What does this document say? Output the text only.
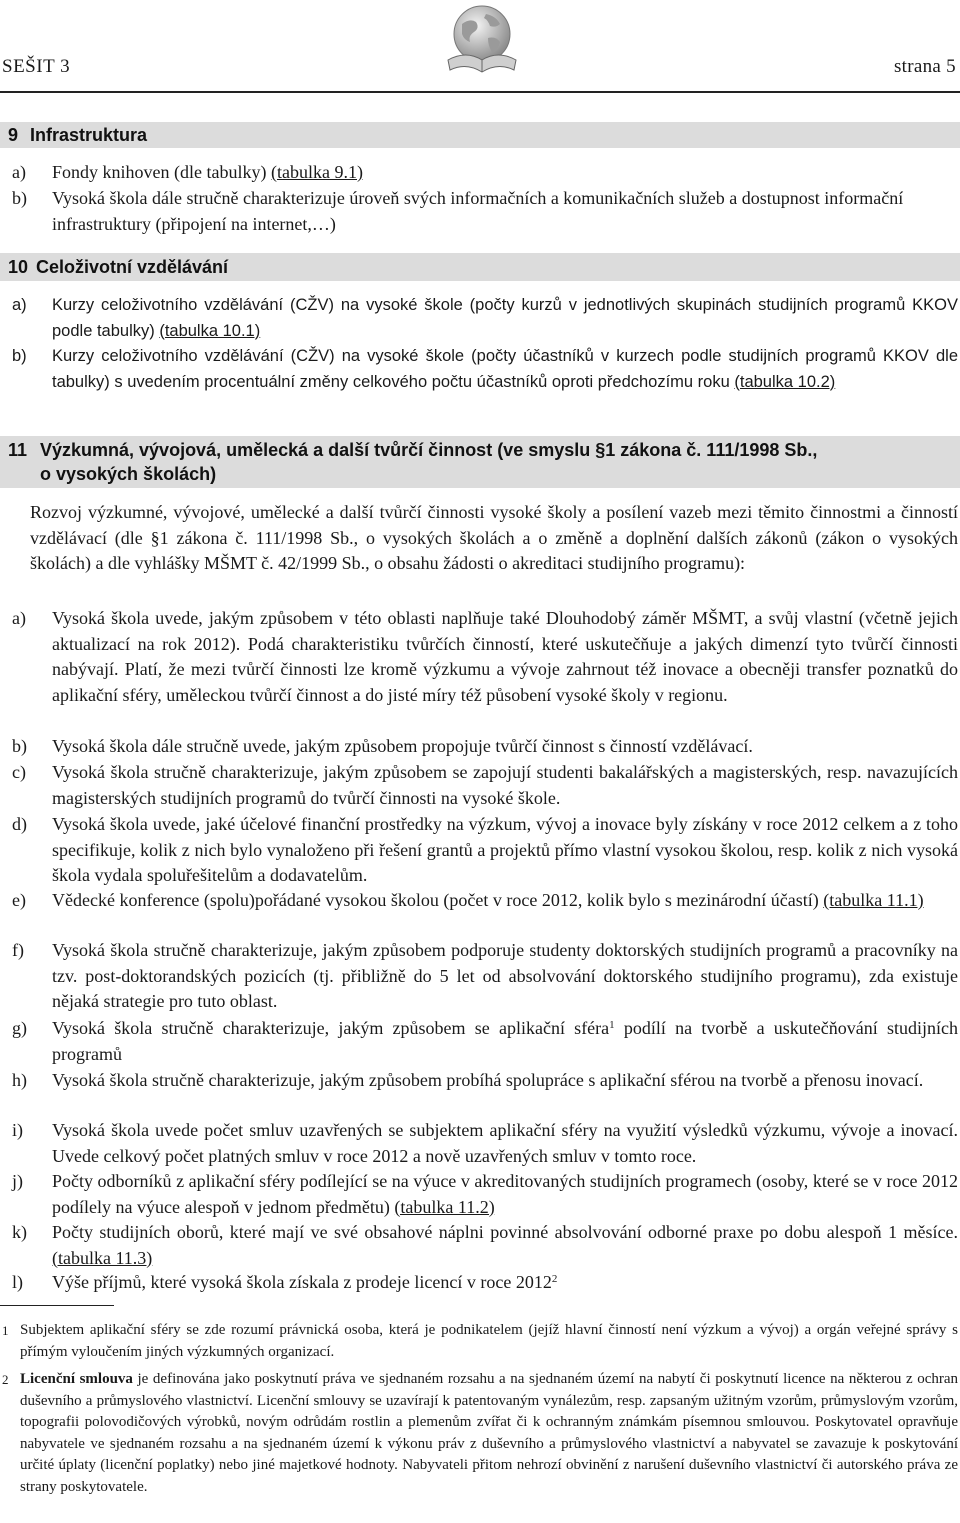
SEŠIT 3	strana 5
9 Infrastruktura
a)	Fondy knihoven (dle tabulky) (tabulka 9.1)
b)	Vysoká škola dále stručně charakterizuje úroveň svých informačních a komunikačních služeb a dostupnost informační infrastruktury (připojení na internet,…)
10 Celoživotní vzdělávání
a)	Kurzy celoživotního vzdělávání (CŽV) na vysoké škole (počty kurzů v jednotlivých skupinách studijních programů KKOV podle tabulky) (tabulka 10.1)
b)	Kurzy celoživotního vzdělávání (CŽV) na vysoké škole (počty účastníků v kurzech podle studijních programů KKOV dle tabulky) s uvedením procentuální změny celkového počtu účastníků oproti předchozímu roku (tabulka 10.2)
11 Výzkumná, vývojová, umělecká a další tvůrčí činnost (ve smyslu §1 zákona č. 111/1998 Sb.,
o vysokých školách)
Rozvoj výzkumné, vývojové, umělecké a další tvůrčí činnosti vysoké školy a posílení vazeb mezi těmito činnostmi a činností vzdělávací (dle §1 zákona č. 111/1998 Sb., o vysokých školách a o změně a doplnění dalších zákonů (zákon o vysokých školách) a dle vyhlášky MŠMT č. 42/1999 Sb., o obsahu žádosti o akreditaci studijního programu):
a)	Vysoká škola uvede, jakým způsobem v této oblasti naplňuje také Dlouhodobý záměr MŠMT, a svůj vlastní (včetně jejich aktualizací na rok 2012). Podá charakteristiku tvůrčích činností, které uskutečňuje a jakých dimenzí tyto tvůrčí činnosti nabývají. Platí, že mezi tvůrčí činnosti lze kromě výzkumu a vývoje zahrnout též inovace a obecněji transfer poznatků do aplikační sféry, uměleckou tvůrčí činnost a do jisté míry též působení vysoké školy v regionu.
b)	Vysoká škola dále stručně uvede, jakým způsobem propojuje tvůrčí činnost s činností vzdělávací.
c)	Vysoká škola stručně charakterizuje, jakým způsobem se zapojují studenti bakalářských a magisterských, resp. navazujících magisterských studijních programů do tvůrčí činnosti na vysoké škole.
d)	Vysoká škola uvede, jaké účelové finanční prostředky na výzkum, vývoj a inovace byly získány v roce 2012 celkem a z toho specifikuje, kolik z nich bylo vynaloženo při řešení grantů a projektů přímo vlastní vysokou školou, resp. kolik z nich vysoká škola vydala spoluřešitelům a dodavatelům.
e)	Vědecké konference (spolu)pořádané vysokou školou (počet v roce 2012, kolik bylo s mezinárodní účastí) (tabulka 11.1)
f)	Vysoká škola stručně charakterizuje, jakým způsobem podporuje studenty doktorských studijních programů a pracovníky na tzv. post-doktorandských pozicích (tj. přibližně do 5 let od absolvování doktorského studijního programu), zda existuje nějaká strategie pro tuto oblast.
g)	Vysoká škola stručně charakterizuje, jakým způsobem se aplikační sféra$^1$ podílí na tvorbě a uskutečňování studijních programů
h)	Vysoká škola stručně charakterizuje, jakým způsobem probíhá spolupráce s aplikační sférou na tvorbě a přenosu inovací.
i)	Vysoká škola uvede počet smluv uzavřených se subjektem aplikační sféry na využití výsledků výzkumu, vývoje a inovací. Uvede celkový počet platných smluv v roce 2012 a nově uzavřených smluv v tomto roce.
j)	Počty odborníků z aplikační sféry podílející se na výuce v akreditovaných studijních programech (osoby, které se v roce 2012 podílely na výuce alespoň v jednom předmětu) (tabulka 11.2)
k)	Počty studijních oborů, které mají ve své obsahové náplni povinné absolvování odborné praxe po dobu alespoň 1 měsíce. (tabulka 11.3)
l)	Výše příjmů, které vysoká škola získala z prodeje licencí v roce 2012$^2$
1 Subjektem aplikační sféry se zde rozumí právnická osoba, která je podnikatelem (jejíž hlavní činností není výzkum a vývoj) a orgán veřejné správy s přímým vyloučením jiných výzkumných organizací.
2 Licenční smlouva je definována jako poskytnutí práva ve sjednaném rozsahu a na sjednaném území na nabytí či poskytnutí licence na některou z ochran duševního a průmyslového vlastnictví. Licenční smlouvy se uzavírají k patentovaným vynálezům, resp. zapsaným užitným vzorům, průmyslovým vzorům, topografii polovodičových výrobků, novým odrůdám rostlin a plemenům zvířat či k ochranným známkám písemnou smlouvou. Poskytovatel opravňuje nabyvatele ve sjednaném rozsahu a na sjednaném území k výkonu práv z duševního a průmyslového vlastnictví a nabyvatel se zavazuje k poskytování určité úplaty (licenční poplatky) nebo jiné majetkové hodnoty. Nabyvateli přitom nehrozí obvinění z narušení duševního vlastnictví či autorského práva ze strany poskytovatele.
